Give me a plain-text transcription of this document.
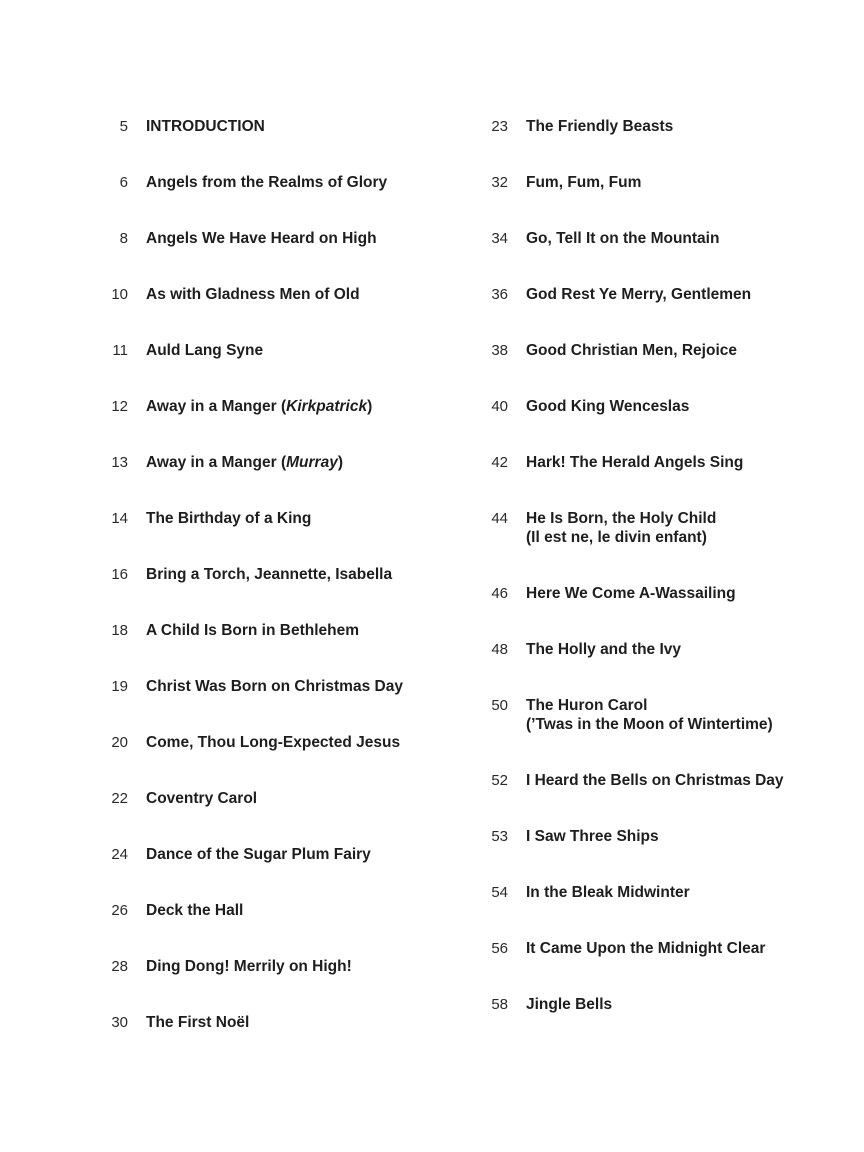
5 INTRODUCTION
6 Angels from the Realms of Glory
8 Angels We Have Heard on High
10 As with Gladness Men of Old
11 Auld Lang Syne
12 Away in a Manger (Kirkpatrick)
13 Away in a Manger (Murray)
14 The Birthday of a King
16 Bring a Torch, Jeannette, Isabella
18 A Child Is Born in Bethlehem
19 Christ Was Born on Christmas Day
20 Come, Thou Long-Expected Jesus
22 Coventry Carol
24 Dance of the Sugar Plum Fairy
26 Deck the Hall
28 Ding Dong! Merrily on High!
30 The First Noël
23 The Friendly Beasts
32 Fum, Fum, Fum
34 Go, Tell It on the Mountain
36 God Rest Ye Merry, Gentlemen
38 Good Christian Men, Rejoice
40 Good King Wenceslas
42 Hark! The Herald Angels Sing
44 He Is Born, the Holy Child
(Il est ne, le divin enfant)
46 Here We Come A-Wassailing
48 The Holly and the Ivy
50 The Huron Carol
(’Twas in the Moon of Wintertime)
52 I Heard the Bells on Christmas Day
53 I Saw Three Ships
54 In the Bleak Midwinter
56 It Came Upon the Midnight Clear
58 Jingle Bells
